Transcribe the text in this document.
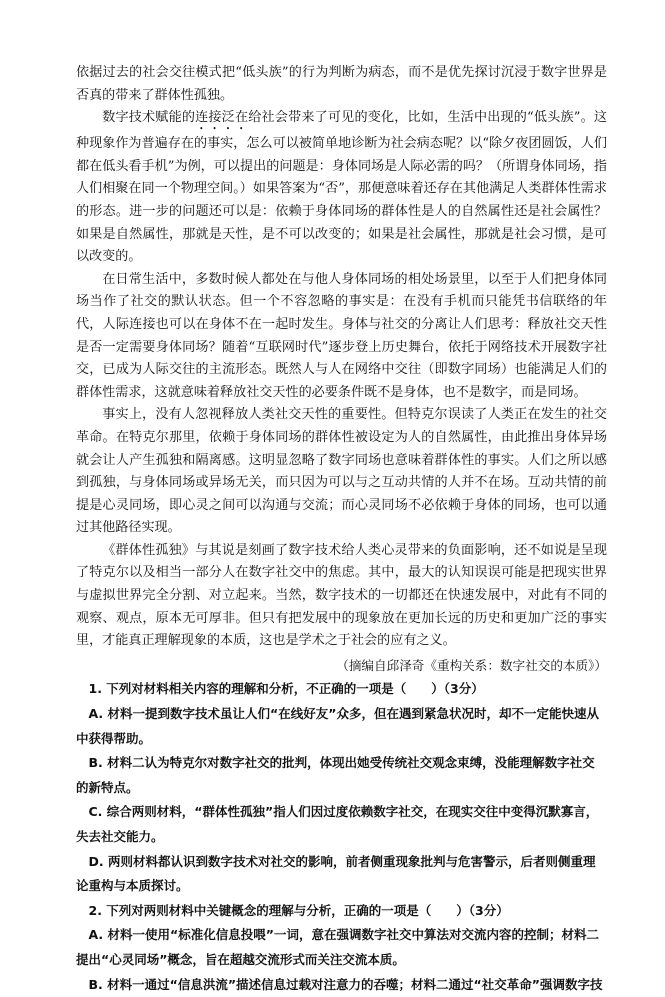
依据过去的社会交往模式把“低头族”的行为判断为病态，而不是优先探讨沉浸于数字世界是否真的带来了群体性孤独。

数字技术赋能的连接泛在给社会带来了可见的变化，比如，生活中出现的“低头族”。这种现象作为普遍存在的事实，怎么可以被简单地诊断为社会病态呢？以“除夕夜团圆饭，人们都在低头看手机”为例，可以提出的问题是：身体同场是人际必需的吗？（所谓身体同场，指人们相聚在同一个物理空间。）如果答案为“否”，那便意味着还存在其他满足人类群体性需求的形态。进一步的问题还可以是：依赖于身体同场的群体性是人的自然属性还是社会属性？如果是自然属性，那就是天性，是不可以改变的；如果是社会属性，那就是社会习惯，是可以改变的。

在日常生活中，多数时候人都处在与他人身体同场的相处场景里，以至于人们把身体同场当作了社交的默认状态。但一个不容忽略的事实是：在没有手机而只能凭书信联络的年代，人际连接也可以在身体不在一起时发生。身体与社交的分离让人们思考：释放社交天性是否一定需要身体同场？随着“互联网时代”逐步登上历史舞台，依托于网络技术开展数字社交，已成为人际交往的主流形态。既然人与人在网络中交往（即数字同场）也能满足人们的群体性需求，这就意味着释放社交天性的必要条件既不是身体，也不是数字，而是同场。

事实上，没有人忽视释放人类社交天性的重要性。但特克尔误读了人类正在发生的社交革命。在特克尔那里，依赖于身体同场的群体性被设定为人的自然属性，由此推出身体异场就会让人产生孤独和隔离感。这明显忽略了数字同场也意味着群体性的事实。人们之所以感到孤独，与身体同场或异场无关，而只因为可以与之互动共情的人并不在场。互动共情的前提是心灵同场，即心灵之间可以沟通与交流；而心灵同场不必依赖于身体的同场，也可以通过其他路径实现。

《群体性孤独》与其说是刻画了数字技术给人类心灵带来的负面影响，还不如说是呈现了特克尔以及相当一部分人在数字社交中的焦虑。其中，最大的认知误误可能是把现实世界与虚拟世界完全分割、对立起来。当然，数字技术的一切都还在快速发展中，对此有不同的观察、观点，原本无可厚非。但只有把发展中的现象放在更加长远的历史和更加广泛的事实里，才能真正理解现象的本质，这也是学术之于社会的应有之义。

（摘编自邱泽奇《重构关系：数字社交的本质》）

1. 下列对材料相关内容的理解和分析，不正确的一项是（　　）（3分）

A. 材料一提到数字技术虽让人们“在线好友”众多，但在遇到紧急状况时，却不一定能快速从中获得帮助。

B. 材料二认为特克尔对数字社交的批判，体现出她受传统社交观念束缚，没能理解数字社交的新特点。

C. 综合两则材料，“群体性孤独”指人们因过度依赖数字社交，在现实交往中变得沉默寡言，失去社交能力。

D. 两则材料都认识到数字技术对社交的影响，前者侧重现象批判与危害警示，后者则侧重理论重构与本质探讨。

2. 下列对两则材料中关键概念的理解与分析，正确的一项是（　　）（3分）

A. 材料一使用“标准化信息投喂”一词，意在强调数字社交中算法对交流内容的控制；材料二提出“心灵同场”概念，旨在超越交流形式而关注交流本质。

B. 材料一通过“信息洪流”描述信息过载对注意力的吞噬；材料二通过“社交革命”强调数字技
